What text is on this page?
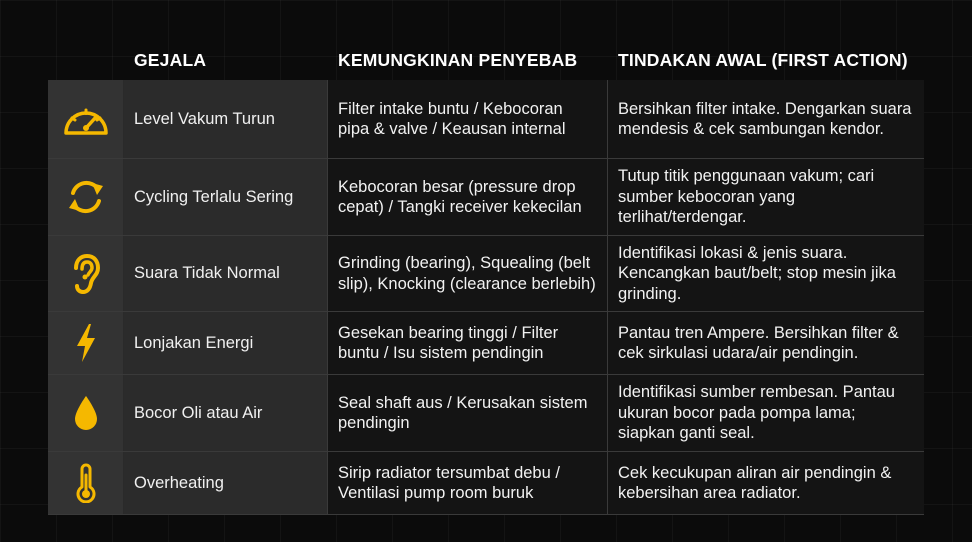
GEJALA	KEMUNGKINAN PENYEBAB	TINDAKAN AWAL (FIRST ACTION)
Level Vakum Turun
Filter intake buntu / Kebocoran pipa & valve / Keausan internal
Bersihkan filter intake. Dengarkan suara mendesis & cek sambungan kendor.
Cycling Terlalu Sering
Kebocoran besar (pressure drop cepat) / Tangki receiver kekecilan
Tutup titik penggunaan vakum; cari sumber kebocoran yang terlihat/terdengar.
Suara Tidak Normal
Grinding (bearing), Squealing (belt slip), Knocking (clearance berlebih)
Identifikasi lokasi & jenis suara. Kencangkan baut/belt; stop mesin jika grinding.
Lonjakan Energi
Gesekan bearing tinggi / Filter buntu / Isu sistem pendingin
Pantau tren Ampere. Bersihkan filter & cek sirkulasi udara/air pendingin.
Bocor Oli atau Air
Seal shaft aus / Kerusakan sistem pendingin
Identifikasi sumber rembesan. Pantau ukuran bocor pada pompa lama; siapkan ganti seal.
Overheating
Sirip radiator tersumbat debu / Ventilasi pump room buruk
Cek kecukupan aliran air pendingin & kebersihan area radiator.
